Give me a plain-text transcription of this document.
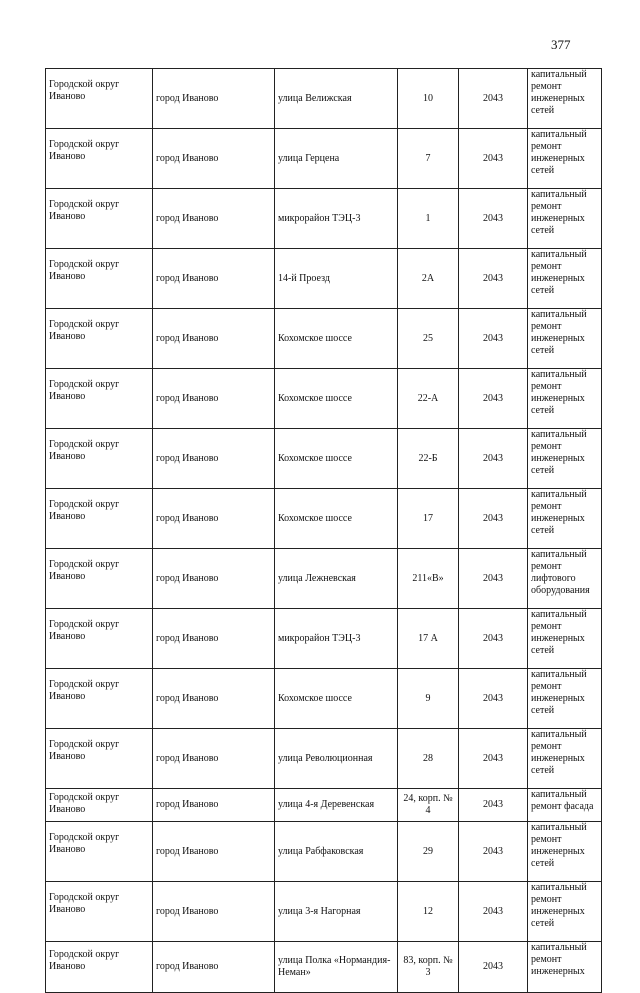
377
Городской округ Иваново	город Иваново	улица Велижская	10	2043	капитальный ремонт инженерных сетей
Городской округ Иваново	город Иваново	улица Герцена	7	2043	капитальный ремонт инженерных сетей
Городской округ Иваново	город Иваново	микрорайон ТЭЦ-3	1	2043	капитальный ремонт инженерных сетей
Городской округ Иваново	город Иваново	14-й Проезд	2А	2043	капитальный ремонт инженерных сетей
Городской округ Иваново	город Иваново	Кохомское шоссе	25	2043	капитальный ремонт инженерных сетей
Городской округ Иваново	город Иваново	Кохомское шоссе	22-А	2043	капитальный ремонт инженерных сетей
Городской округ Иваново	город Иваново	Кохомское шоссе	22-Б	2043	капитальный ремонт инженерных сетей
Городской округ Иваново	город Иваново	Кохомское шоссе	17	2043	капитальный ремонт инженерных сетей
Городской округ Иваново	город Иваново	улица Лежневская	211«В»	2043	капитальный ремонт лифтового оборудования
Городской округ Иваново	город Иваново	микрорайон ТЭЦ-3	17 А	2043	капитальный ремонт инженерных сетей
Городской округ Иваново	город Иваново	Кохомское шоссе	9	2043	капитальный ремонт инженерных сетей
Городской округ Иваново	город Иваново	улица Революционная	28	2043	капитальный ремонт инженерных сетей
Городской округ Иваново	город Иваново	улица 4-я Деревенская	24, корп. № 4	2043	капитальный ремонт фасада
Городской округ Иваново	город Иваново	улица Рабфаковская	29	2043	капитальный ремонт инженерных сетей
Городской округ Иваново	город Иваново	улица 3-я Нагорная	12	2043	капитальный ремонт инженерных сетей
Городской округ Иваново	город Иваново	улица Полка «Нормандия-Неман»	83, корп. № 3	2043	капитальный ремонт инженерных
